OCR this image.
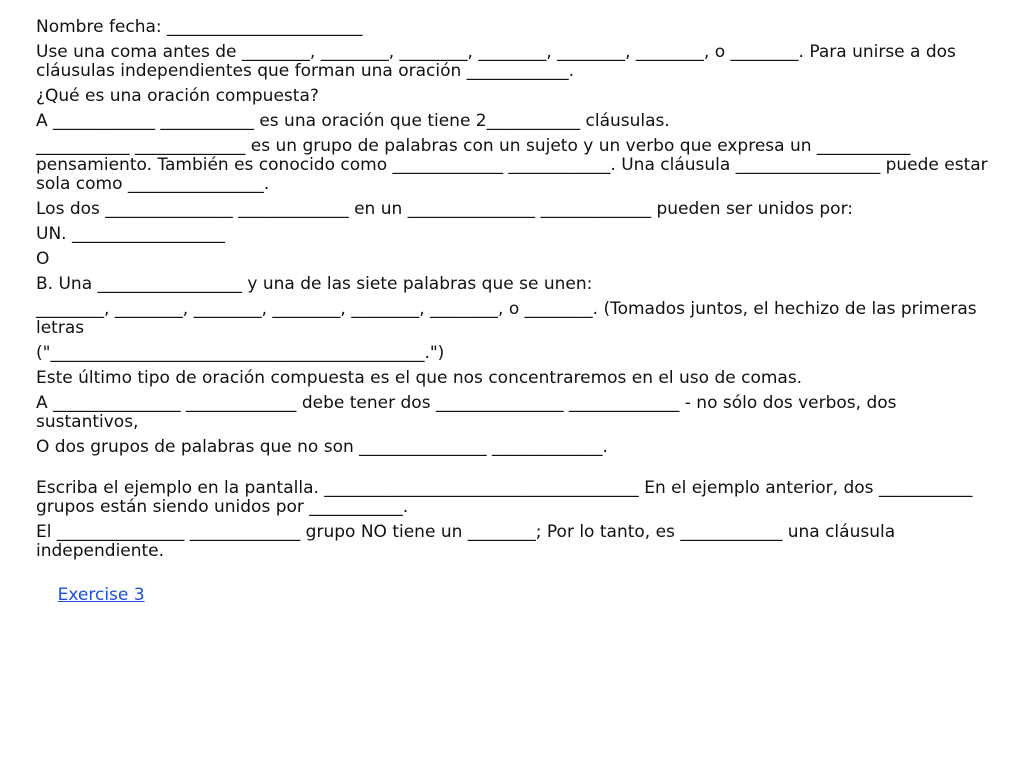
Nombre fecha: _______________________

Use una coma antes de ________, ________, ________, ________, ________, ________, o ________. Para unirse a dos cláusulas independientes que forman una oración ____________.

¿Qué es una oración compuesta?

A ____________ ___________ es una oración que tiene 2___________ cláusulas.

___________ _____________ es un grupo de palabras con un sujeto y un verbo que expresa un ___________ pensamiento. También es conocido como _____________ ____________. Una cláusula _________________ puede estar sola como ________________.

Los dos _______________ _____________ en un _______________ _____________ pueden ser unidos por:

UN. __________________

O

B. Una _________________ y una de las siete palabras que se unen:

________, ________, ________, ________, ________, ________, o ________. (Tomados juntos, el hechizo de las primeras letras

("____________________________________________.")

Este último tipo de oración compuesta es el que nos concentraremos en el uso de comas.

A _______________ _____________ debe tener dos _______________ _____________ - no sólo dos verbos, dos sustantivos,

O dos grupos de palabras que no son _______________ _____________.

Escriba el ejemplo en la pantalla. _____________________________________ En el ejemplo anterior, dos ___________ grupos están siendo unidos por ___________.

El _______________ _____________ grupo NO tiene un ________; Por lo tanto, es ____________ una cláusula independiente.

Exercise 3
